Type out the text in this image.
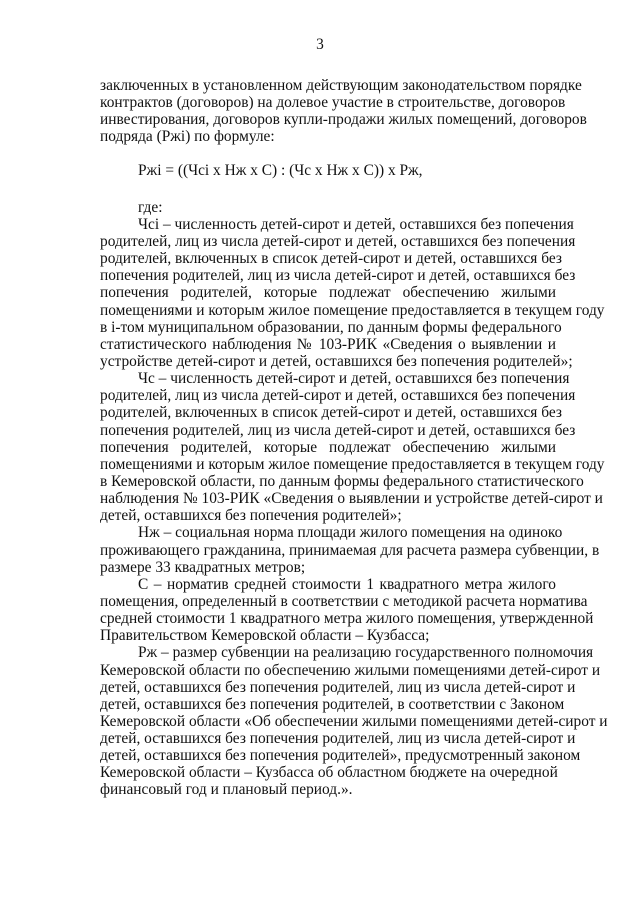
3
заключенных в установленном действующим законодательством порядке
контрактов (договоров) на долевое участие в строительстве, договоров
инвестирования, договоров купли-продажи жилых помещений, договоров
подряда (Ржi) по формуле:
Ржi = ((Чсi х Нж х С) : (Чс х Нж х С)) х Рж,
где:
Чсi – численность детей-сирот и детей, оставшихся без попечения
родителей, лиц из числа детей-сирот и детей, оставшихся без попечения
родителей, включенных в список детей-сирот и детей, оставшихся без
попечения родителей, лиц из числа детей-сирот и детей, оставшихся без
попечения родителей, которые подлежат обеспечению жилыми
помещениями и которым жилое помещение предоставляется в текущем году
в i-том муниципальном образовании, по данным формы федерального
статистического наблюдения № 103-РИК «Сведения о выявлении и
устройстве детей-сирот и детей, оставшихся без попечения родителей»;
Чс – численность детей-сирот и детей, оставшихся без попечения
родителей, лиц из числа детей-сирот и детей, оставшихся без попечения
родителей, включенных в список детей-сирот и детей, оставшихся без
попечения родителей, лиц из числа детей-сирот и детей, оставшихся без
попечения родителей, которые подлежат обеспечению жилыми
помещениями и которым жилое помещение предоставляется в текущем году
в Кемеровской области, по данным формы федерального статистического
наблюдения № 103-РИК «Сведения о выявлении и устройстве детей-сирот и
детей, оставшихся без попечения родителей»;
Нж – социальная норма площади жилого помещения на одиноко
проживающего гражданина, принимаемая для расчета размера субвенции, в
размере 33 квадратных метров;
С – норматив средней стоимости 1 квадратного метра жилого
помещения, определенный в соответствии с методикой расчета норматива
средней стоимости 1 квадратного метра жилого помещения, утвержденной
Правительством Кемеровской области – Кузбасса;
Рж – размер субвенции на реализацию государственного полномочия
Кемеровской области по обеспечению жилыми помещениями детей-сирот и
детей, оставшихся без попечения родителей, лиц из числа детей-сирот и
детей, оставшихся без попечения родителей, в соответствии с Законом
Кемеровской области «Об обеспечении жилыми помещениями детей-сирот и
детей, оставшихся без попечения родителей, лиц из числа детей-сирот и
детей, оставшихся без попечения родителей», предусмотренный законом
Кемеровской области – Кузбасса об областном бюджете на очередной
финансовый год и плановый период.».
